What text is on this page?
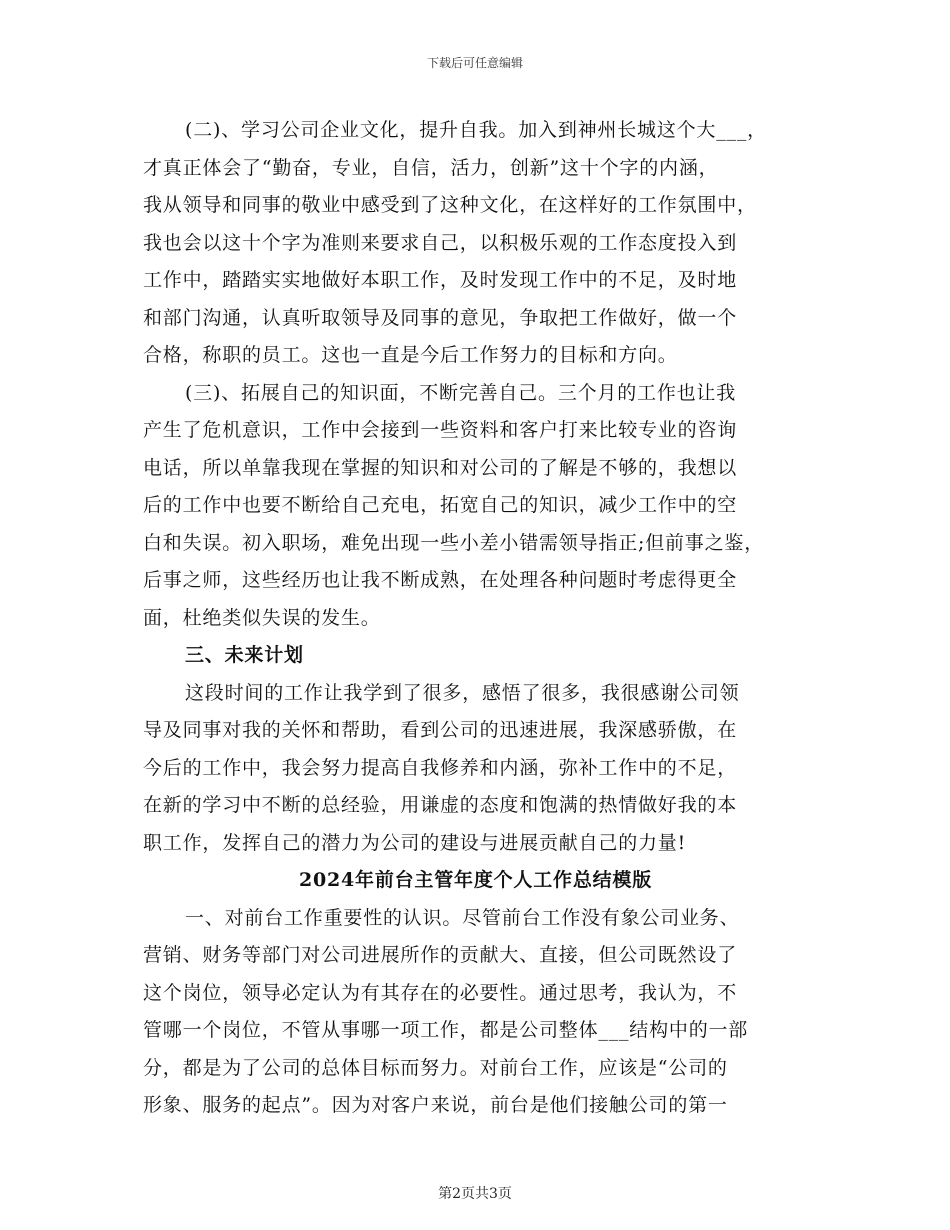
下载后可任意编辑
(二)、学习公司企业文化，提升自我。加入到神州长城这个大___，
才真正体会了“勤奋，专业，自信，活力，创新”这十个字的内涵，
我从领导和同事的敬业中感受到了这种文化，在这样好的工作氛围中，
我也会以这十个字为准则来要求自己，以积极乐观的工作态度投入到
工作中，踏踏实实地做好本职工作，及时发现工作中的不足，及时地
和部门沟通，认真听取领导及同事的意见，争取把工作做好，做一个
合格，称职的员工。这也一直是今后工作努力的目标和方向。
(三)、拓展自己的知识面，不断完善自己。三个月的工作也让我
产生了危机意识，工作中会接到一些资料和客户打来比较专业的咨询
电话，所以单靠我现在掌握的知识和对公司的了解是不够的，我想以
后的工作中也要不断给自己充电，拓宽自己的知识，减少工作中的空
白和失误。初入职场，难免出现一些小差小错需领导指正;但前事之鉴，
后事之师，这些经历也让我不断成熟，在处理各种问题时考虑得更全
面，杜绝类似失误的发生。
三、未来计划
这段时间的工作让我学到了很多，感悟了很多，我很感谢公司领
导及同事对我的关怀和帮助，看到公司的迅速进展，我深感骄傲，在
今后的工作中，我会努力提高自我修养和内涵，弥补工作中的不足，
在新的学习中不断的总经验，用谦虚的态度和饱满的热情做好我的本
职工作，发挥自己的潜力为公司的建设与进展贡献自己的力量!
2024年前台主管年度个人工作总结模版
一、对前台工作重要性的认识。尽管前台工作没有象公司业务、
营销、财务等部门对公司进展所作的贡献大、直接，但公司既然设了
这个岗位，领导必定认为有其存在的必要性。通过思考，我认为，不
管哪一个岗位，不管从事哪一项工作，都是公司整体___结构中的一部
分，都是为了公司的总体目标而努力。对前台工作，应该是“公司的
形象、服务的起点”。因为对客户来说，前台是他们接触公司的第一
第2页共3页
